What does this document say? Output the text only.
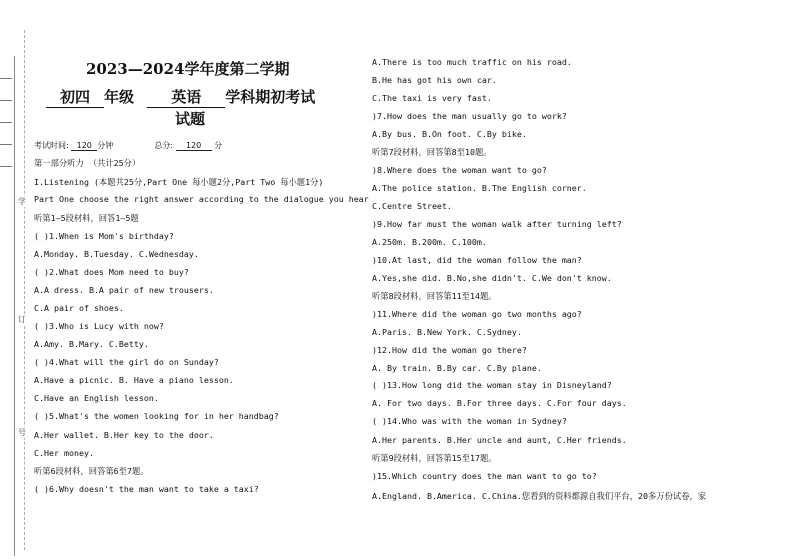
学
订
号
2023—2024学年度第二学期
初四 年级 英语 学科期初考试
试题
考试时间: 120 分钟	总分: 120 分
第一部分听力 （共计25分）
I.Listening (本题共25分,Part One 每小题2分,Part Two 每小题1分)
Part One choose the right answer according to the dialogue you hear
听第1—5段材料，回答1—5题
( )1.When is Mom's birthday?
A.Monday. B.Tuesday. C.Wednesday.
( )2.What does Mom need to buy?
A.A dress. B.A pair of new trousers.
C.A pair of shoes.
( )3.Who is Lucy with now?
A.Amy. B.Mary. C.Betty.
( )4.What will the girl do on Sunday?
A.Have a picnic. B. Have a piano lesson.
C.Have an English lesson.
( )5.What's the women looking for in her handbag?
A.Her wallet. B.Her key to the door.
C.Her money.
听第6段材料，回答第6至7题。
( )6.Why doesn't the man want to take a taxi?
A.There is too much traffic on his road.
B.He has got his own car.
C.The taxi is very fast.
)7.How does the man usually go to work?
A.By bus. B.On foot. C.By bike.
听第7段材料，回答第8至10题。
)8.Where does the woman want to go?
A.The police station. B.The English corner.
C.Centre Street.
)9.How far must the woman walk after turning left?
A.250m. B.200m. C.100m.
)10.At last, did the woman follow the man?
A.Yes,she did. B.No,she didn't. C.We don't know.
听第8段材料，回答第11至14题。
)11.Where did the woman go two months ago?
A.Paris. B.New York. C.Sydney.
)12.How did the woman go there?
A. By train. B.By car. C.By plane.
( )13.How long did the woman stay in Disneyland?
A. For two days. B.For three days. C.For four days.
( )14.Who was with the woman in Sydney?
A.Her parents. B.Her uncle and aunt, C.Her friends.
听第9段材料，回答第15至17题。
)15.Which country does the man want to go to?
A.England. B.America. C.China.您看到的资料都源自我们平台，20多万份试卷，家
